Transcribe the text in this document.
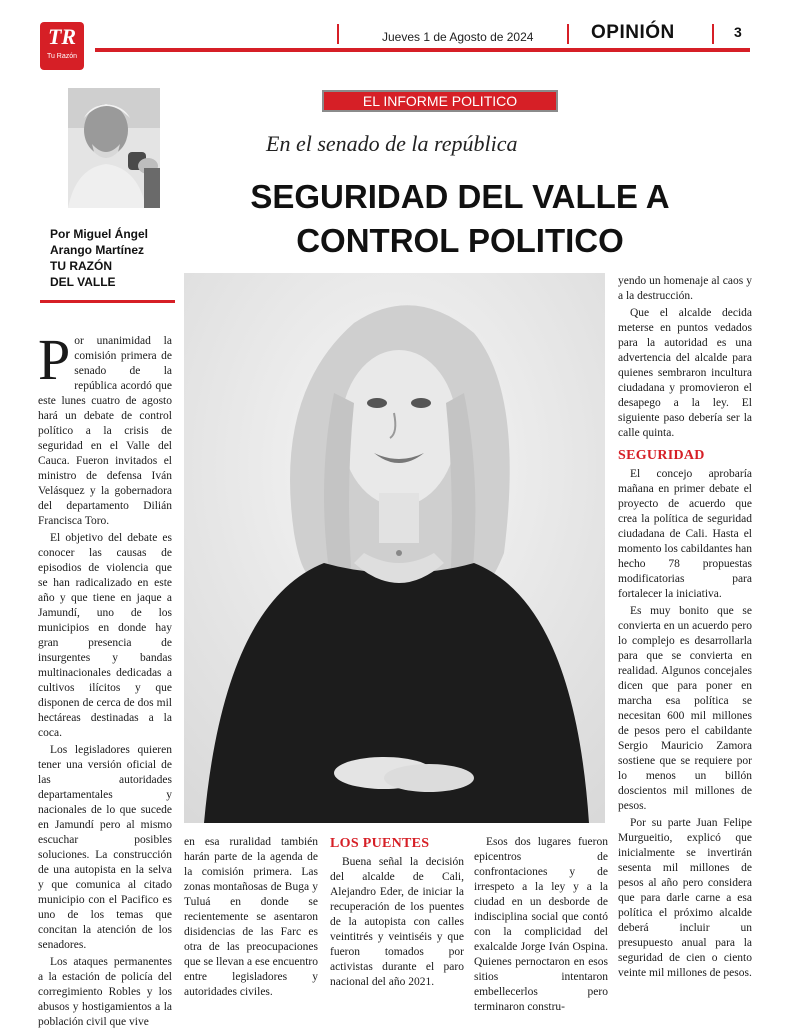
TR
Tu Razón
Jueves 1 de Agosto de 2024	OPINIÓN	3
Por Miguel Ángel
Arango Martínez
TU RAZÓN
DEL VALLE
EL INFORME POLITICO
En el senado de la república
SEGURIDAD DEL VALLE A
CONTROL POLITICO

Por unanimidad la comisión primera de senado de la república acordó que este lunes cuatro de agosto hará un debate de control político a la crisis de seguridad en el Valle del Cauca. Fueron invitados el ministro de defensa Iván Velásquez y la gobernadora del departamento Dilián Francisca Toro.

El objetivo del debate es conocer las causas de episodios de violencia que se han radicalizado en este año y que tiene en jaque a Jamundí, uno de los municipios en donde hay gran presencia de insurgentes y bandas multinacionales dedicadas a cultivos ilícitos y que disponen de cerca de dos mil hectáreas destinadas a la coca.

Los legisladores quieren tener una versión oficial de las autoridades departamentales y nacionales de lo que sucede en Jamundí pero al mismo escuchar posibles soluciones. La construcción de una autopista en la selva y que comunica al citado municipio con el Pacifico es uno de los temas que concitan la atención de los senadores.

Los ataques permanentes a la estación de policía del corregimiento Robles y los abusos y hostigamientos a la población civil que vive

en esa ruralidad también harán parte de la agenda de la comisión primera. Las zonas montañosas de Buga y Tuluá en donde se recientemente se asentaron disidencias de las Farc es otra de las preocupaciones que se llevan a ese encuentro entre legisladores y autoridades civiles.

LOS PUENTES

Buena señal la decisión del alcalde de Cali, Alejandro Eder, de iniciar la recuperación de los puentes de la autopista con calles veintitrés y veintiséis y que fueron tomados por activistas durante el paro nacional del año 2021.

Esos dos lugares fueron epicentros de confrontaciones y de irrespeto a la ley y a la ciudad en un desborde de indisciplina social que contó con la complicidad del exalcalde Jorge Iván Ospina. Quienes pernoctaron en esos sitios intentaron embellecerlos pero terminaron constru-

yendo un homenaje al caos y a la destrucción.

Que el alcalde decida meterse en puntos vedados para la autoridad es una advertencia del alcalde para quienes sembraron incultura ciudadana y promovieron el desapego a la ley. El siguiente paso debería ser la calle quinta.

SEGURIDAD

El concejo aprobaría mañana en primer debate el proyecto de acuerdo que crea la política de seguridad ciudadana de Cali. Hasta el momento los cabildantes han hecho 78 propuestas modificatorias para fortalecer la iniciativa.

Es muy bonito que se convierta en un acuerdo pero lo complejo es desarrollarla para que se convierta en realidad. Algunos concejales dicen que para poner en marcha esa política se necesitan 600 mil millones de pesos pero el cabildante Sergio Mauricio Zamora sostiene que se requiere por lo menos un billón doscientos mil millones de pesos.

Por su parte Juan Felipe Murgueitio, explicó que inicialmente se invertirán sesenta mil millones de pesos al año pero considera que para darle carne a esa política el próximo alcalde deberá incluir un presupuesto anual para la seguridad de cien o ciento veinte mil millones de pesos.
